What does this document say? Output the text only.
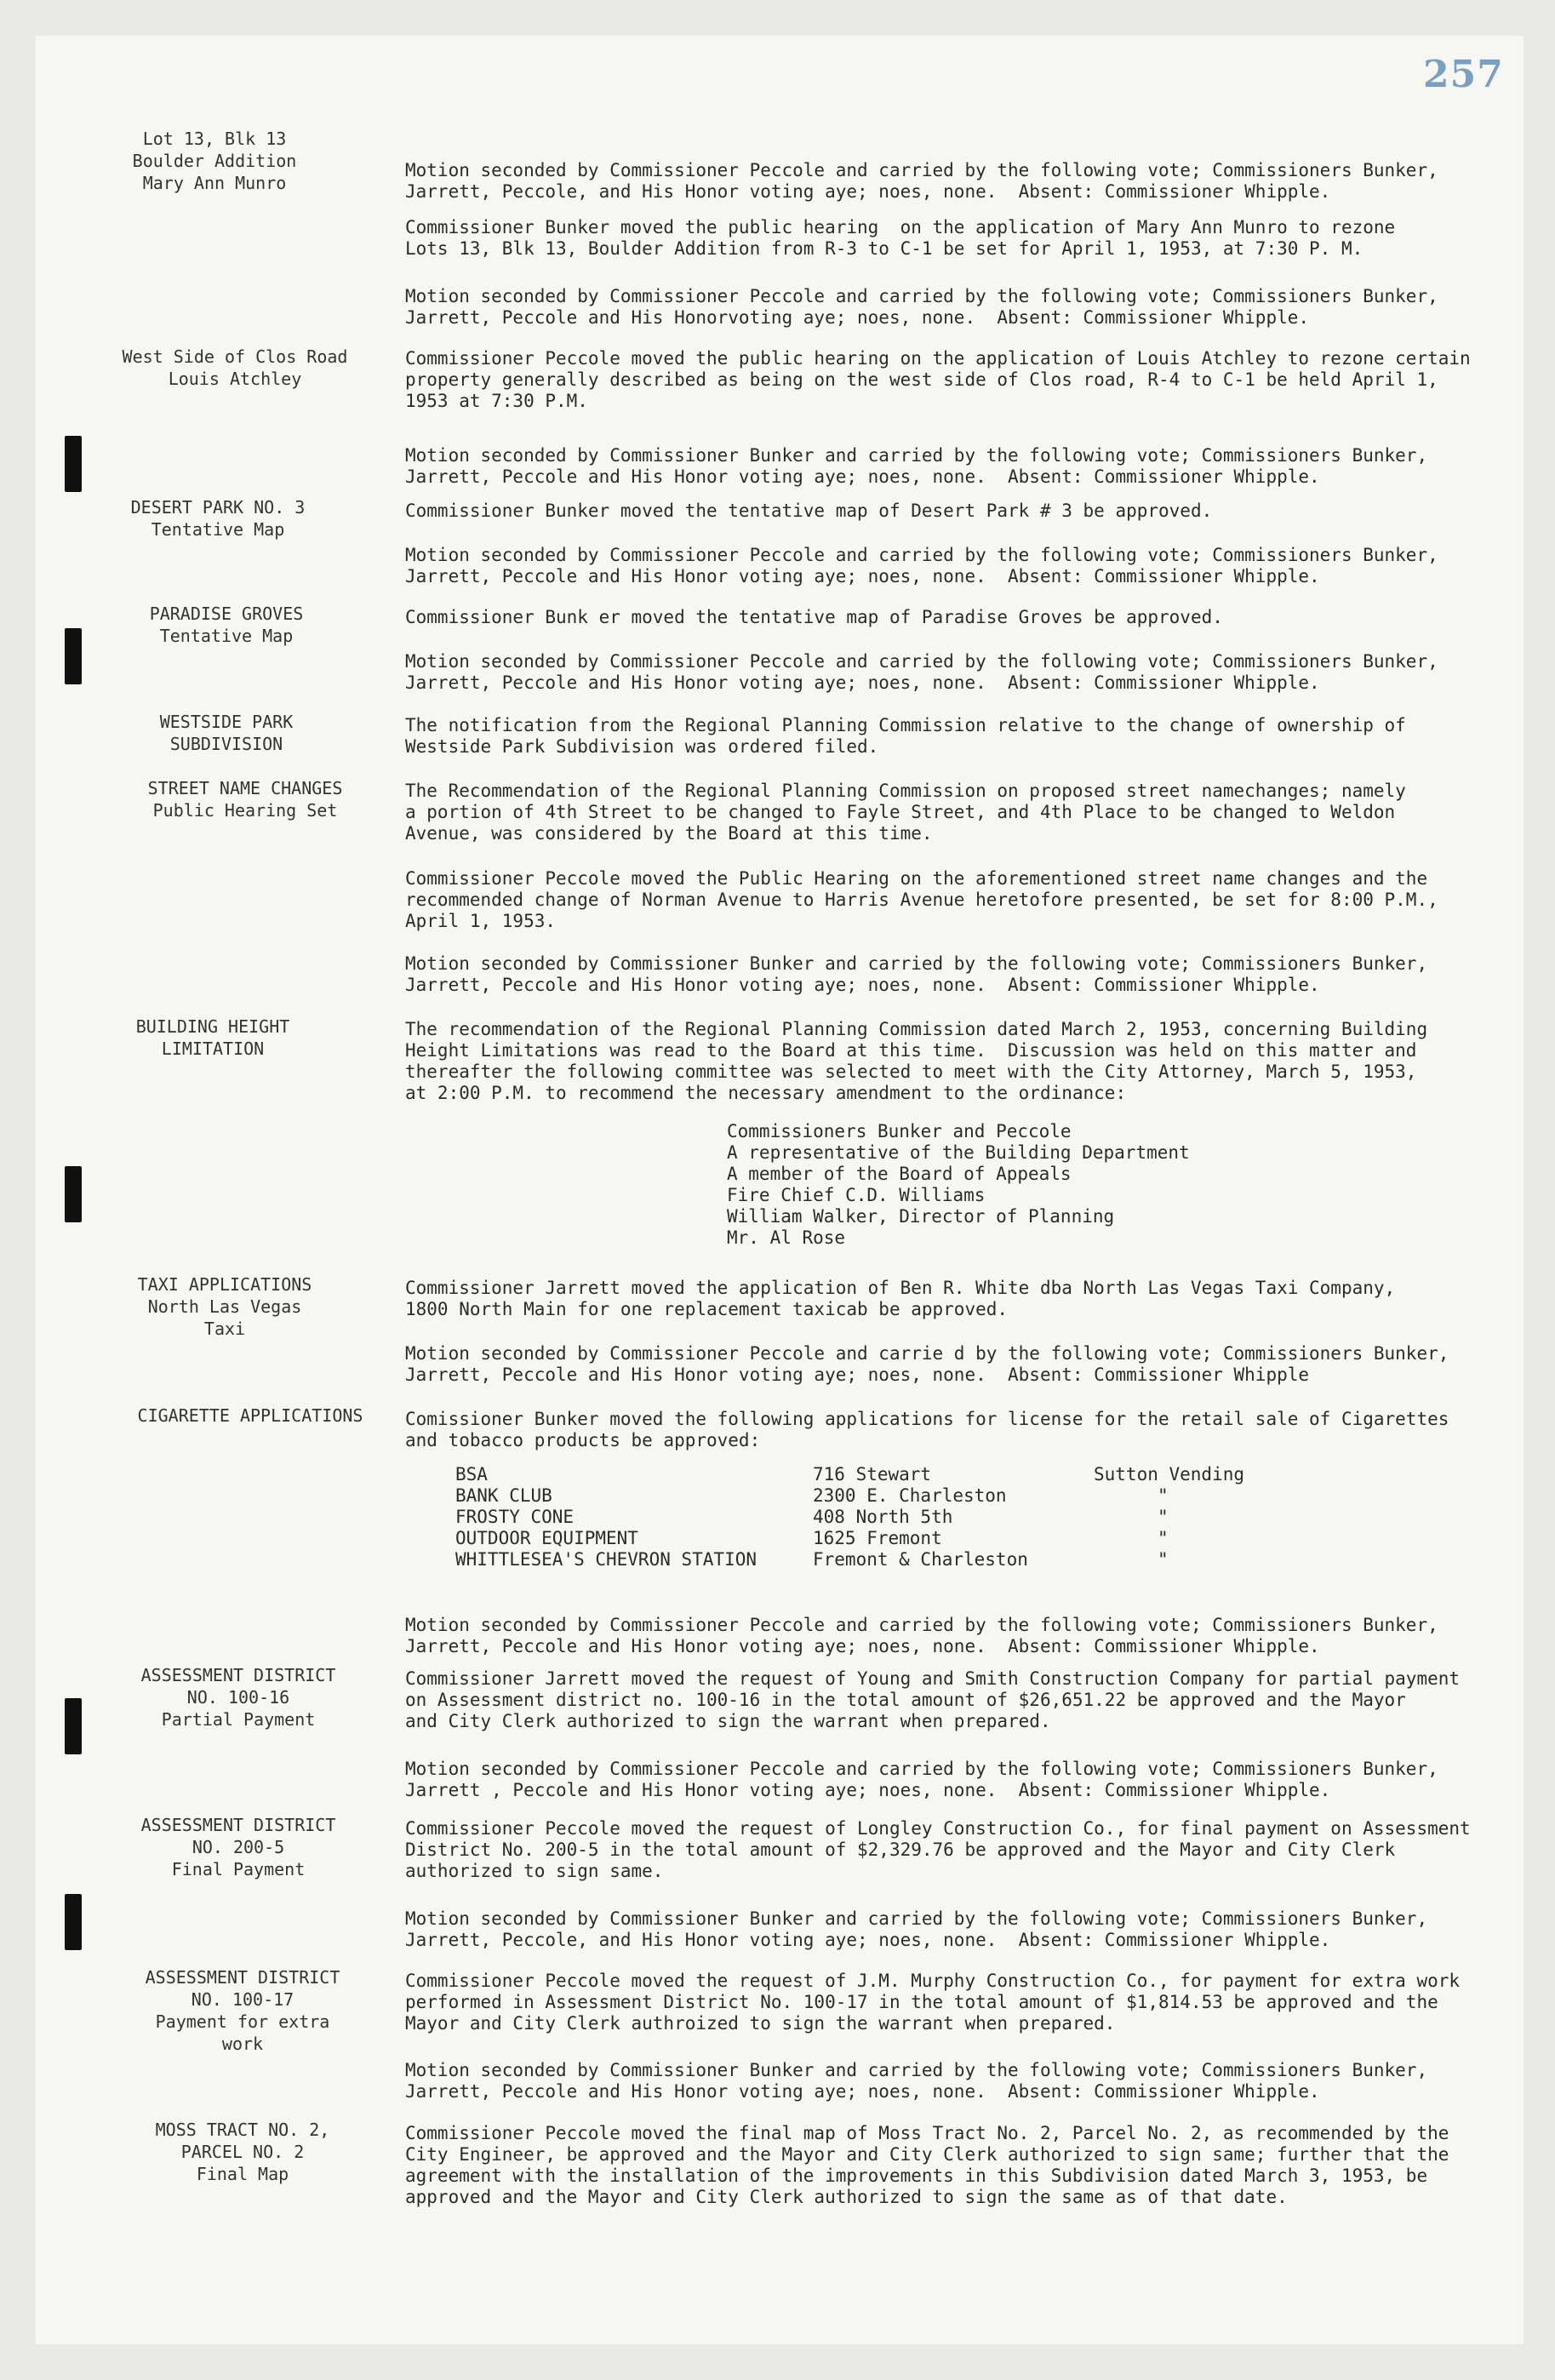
257
Motion seconded by Commissioner Peccole and carried by the following vote; Commissioners Bunker,
Jarrett, Peccole, and His Honor voting aye; noes, none.  Absent: Commissioner Whipple.
Lot 13, Blk 13
Boulder Addition
Mary Ann Munro
Commissioner Bunker moved the public hearing  on the application of Mary Ann Munro to rezone
Lots 13, Blk 13, Boulder Addition from R-3 to C-1 be set for April 1, 1953, at 7:30 P. M.
Motion seconded by Commissioner Peccole and carried by the following vote; Commissioners Bunker,
Jarrett, Peccole and His Honorvoting aye; noes, none.  Absent: Commissioner Whipple.
West Side of Clos Road
Louis Atchley
Commissioner Peccole moved the public hearing on the application of Louis Atchley to rezone certain
property generally described as being on the west side of Clos road, R-4 to C-1 be held April 1,
1953 at 7:30 P.M.
Motion seconded by Commissioner Bunker and carried by the following vote; Commissioners Bunker,
Jarrett, Peccole and His Honor voting aye; noes, none.  Absent: Commissioner Whipple.
DESERT PARK NO. 3
Tentative Map
Commissioner Bunker moved the tentative map of Desert Park # 3 be approved.
Motion seconded by Commissioner Peccole and carried by the following vote; Commissioners Bunker,
Jarrett, Peccole and His Honor voting aye; noes, none.  Absent: Commissioner Whipple.
PARADISE GROVES
Tentative Map
Commissioner Bunk er moved the tentative map of Paradise Groves be approved.
Motion seconded by Commissioner Peccole and carried by the following vote; Commissioners Bunker,
Jarrett, Peccole and His Honor voting aye; noes, none.  Absent: Commissioner Whipple.
WESTSIDE PARK
SUBDIVISION
The notification from the Regional Planning Commission relative to the change of ownership of
Westside Park Subdivision was ordered filed.
STREET NAME CHANGES
Public Hearing Set
The Recommendation of the Regional Planning Commission on proposed street namechanges; namely
a portion of 4th Street to be changed to Fayle Street, and 4th Place to be changed to Weldon
Avenue, was considered by the Board at this time.
Commissioner Peccole moved the Public Hearing on the aforementioned street name changes and the
recommended change of Norman Avenue to Harris Avenue heretofore presented, be set for 8:00 P.M.,
April 1, 1953.
Motion seconded by Commissioner Bunker and carried by the following vote; Commissioners Bunker,
Jarrett, Peccole and His Honor voting aye; noes, none.  Absent: Commissioner Whipple.
BUILDING HEIGHT
LIMITATION
The recommendation of the Regional Planning Commission dated March 2, 1953, concerning Building
Height Limitations was read to the Board at this time.  Discussion was held on this matter and
thereafter the following committee was selected to meet with the City Attorney, March 5, 1953,
at 2:00 P.M. to recommend the necessary amendment to the ordinance:
TAXI APPLICATIONS
North Las Vegas
Taxi
Commissioner Jarrett moved the application of Ben R. White dba North Las Vegas Taxi Company,
1800 North Main for one replacement taxicab be approved.
Motion seconded by Commissioner Peccole and carrie d by the following vote; Commissioners Bunker,
Jarrett, Peccole and His Honor voting aye; noes, none.  Absent: Commissioner Whipple
CIGARETTE APPLICATIONS	Comissioner Bunker moved the following applications for license for the retail sale of Cigarettes
and tobacco products be approved:
Motion seconded by Commissioner Peccole and carried by the following vote; Commissioners Bunker,
Jarrett, Peccole and His Honor voting aye; noes, none.  Absent: Commissioner Whipple.
ASSESSMENT DISTRICT
NO. 100-16
Partial Payment
Commissioner Jarrett moved the request of Young and Smith Construction Company for partial payment
on Assessment district no. 100-16 in the total amount of $26,651.22 be approved and the Mayor
and City Clerk authorized to sign the warrant when prepared.
Motion seconded by Commissioner Peccole and carried by the following vote; Commissioners Bunker,
Jarrett , Peccole and His Honor voting aye; noes, none.  Absent: Commissioner Whipple.
ASSESSMENT DISTRICT
NO. 200-5
Final Payment
Commissioner Peccole moved the request of Longley Construction Co., for final payment on Assessment
District No. 200-5 in the total amount of $2,329.76 be approved and the Mayor and City Clerk
authorized to sign same.
Motion seconded by Commissioner Bunker and carried by the following vote; Commissioners Bunker,
Jarrett, Peccole, and His Honor voting aye; noes, none.  Absent: Commissioner Whipple.
ASSESSMENT DISTRICT
NO. 100-17
Payment for extra
work
Commissioner Peccole moved the request of J.M. Murphy Construction Co., for payment for extra work
performed in Assessment District No. 100-17 in the total amount of $1,814.53 be approved and the
Mayor and City Clerk authroized to sign the warrant when prepared.
Motion seconded by Commissioner Bunker and carried by the following vote; Commissioners Bunker,
Jarrett, Peccole and His Honor voting aye; noes, none.  Absent: Commissioner Whipple.
MOSS TRACT NO. 2,
PARCEL NO. 2
Final Map
Commissioner Peccole moved the final map of Moss Tract No. 2, Parcel No. 2, as recommended by the
City Engineer, be approved and the Mayor and City Clerk authorized to sign same; further that the
agreement with the installation of the improvements in this Subdivision dated March 3, 1953, be
approved and the Mayor and City Clerk authorized to sign the same as of that date.
Commissioners Bunker and Peccole
A representative of the Building Department
A member of the Board of Appeals
Fire Chief C.D. Williams
William Walker, Director of Planning
Mr. Al Rose
BSA	716 Stewart	Sutton Vending
BANK CLUB	2300 E. Charleston	"
FROSTY CONE	408 North 5th	"
OUTDOOR EQUIPMENT	1625 Fremont	"
WHITTLESEA'S CHEVRON STATION	Fremont & Charleston	"
